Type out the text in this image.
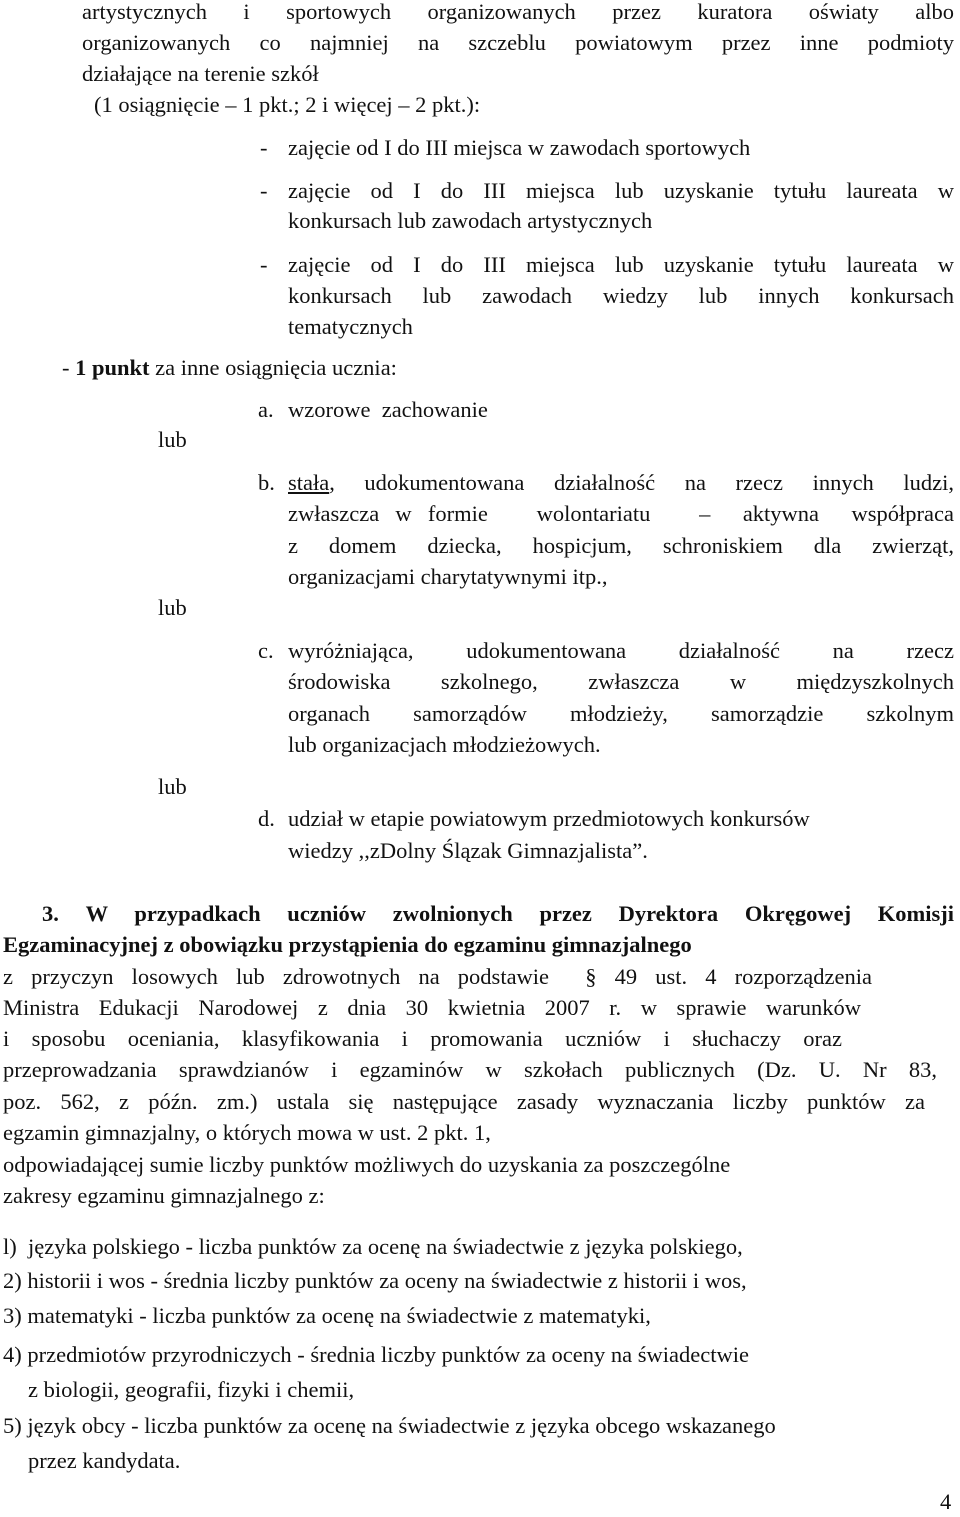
artystycznych i sportowych organizowanych przez kuratora oświaty albo
organizowanych co najmniej na szczeblu powiatowym przez inne podmioty
działające na terenie szkół
(1 osiągnięcie – 1 pkt.; 2 i więcej – 2 pkt.):
- zajęcie od I do III miejsca w zawodach sportowych
- zajęcie od I do III miejsca lub uzyskanie tytułu laureata w
konkursach lub zawodach artystycznych
- zajęcie od I do III miejsca lub uzyskanie tytułu laureata w
konkursach lub zawodach wiedzy lub innych konkursach
tematycznych
- 1 punkt za inne osiągnięcia ucznia:
a. wzorowe  zachowanie
lub
b. stała, udokumentowana działalność na rzecz innych ludzi,
zwłaszcza w formie   wolontariatu   –  aktywna  współpraca
z domem dziecka, hospicjum, schroniskiem dla zwierząt,
organizacjami charytatywnymi itp.,
lub
c. wyróżniająca, udokumentowana działalność na rzecz
środowiska szkolnego, zwłaszcza w międzyszkolnych
organach samorządów młodzieży, samorządzie szkolnym
lub organizacjach młodzieżowych.
lub
d. udział w etapie powiatowym przedmiotowych konkursów
wiedzy ,,zDolny Ślązak Gimnazjalista”.
3. W przypadkach uczniów zwolnionych przez Dyrektora Okręgowej Komisji
Egzaminacyjnej z obowiązku przystąpienia do egzaminu gimnazjalnego
z przyczyn losowych lub zdrowotnych na podstawie  § 49 ust. 4 rozporządzenia
Ministra Edukacji Narodowej z dnia 30 kwietnia 2007 r. w sprawie warunków
i sposobu oceniania, klasyfikowania i promowania uczniów i słuchaczy oraz
przeprowadzania sprawdzianów i egzaminów w szkołach publicznych (Dz. U. Nr 83,
poz. 562, z późn. zm.) ustala się następujące zasady wyznaczania liczby punktów za
egzamin gimnazjalny, o których mowa w ust. 2 pkt. 1,
odpowiadającej sumie liczby punktów możliwych do uzyskania za poszczególne
zakresy egzaminu gimnazjalnego z:
l)  języka polskiego - liczba punktów za ocenę na świadectwie z języka polskiego,
2) historii i wos - średnia liczby punktów za oceny na świadectwie z historii i wos,
3) matematyki - liczba punktów za ocenę na świadectwie z matematyki,
4) przedmiotów przyrodniczych - średnia liczby punktów za oceny na świadectwie
z biologii, geografii, fizyki i chemii,
5) język obcy - liczba punktów za ocenę na świadectwie z języka obcego wskazanego
przez kandydata.
4
